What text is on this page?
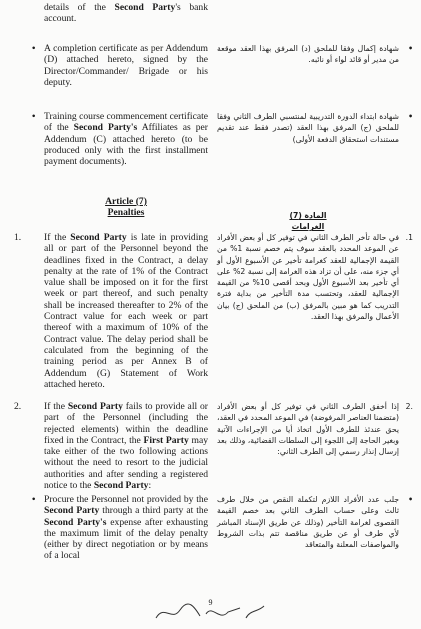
details of the Second Party's bank account.
• A completion certificate as per Addendum (D) attached hereto, signed by the Director/Commander/ Brigade or his deputy.
• Training course commencement certificate of the Second Party's Affiliates as per Addendum (C) attached hereto (to be produced only with the first installment payment documents).
Article (7)
Penalties
1. If the Second Party is late in providing all or part of the Personnel beyond the deadlines fixed in the Contract, a delay penalty at the rate of 1% of the Contract value shall be imposed on it for the first week or part thereof, and such penalty shall be increased thereafter to 2% of the Contract value for each week or part thereof with a maximum of 10% of the Contract value. The delay period shall be calculated from the beginning of the training period as per Annex B of Addendum (G) Statement of Work attached hereto.
2. If the Second Party fails to provide all or part of the Personnel (including the rejected elements) within the deadline fixed in the Contract, the First Party may take either of the two following actions without the need to resort to the judicial authorities and after sending a registered notice to the Second Party:
• Procure the Personnel not provided by the Second Party through a third party at the Second Party's expense after exhausting the maximum limit of the delay penalty (either by direct negotiation or by means of a local
•
شهادة إكمال وفقا للملحق (د) المرفق بهذا العقد موقعة من مدير أو قائد لواء أو نائبه.
•
شهادة ابتداء الدورة التدريبية لمنتسبي الطرف الثاني وفقا للملحق (ج) المرفق بهذا العقد (تصدر فقط عند تقديم مستندات استحقاق الدفعة الأولى)
المادة (7)
الغرامات
1.
في حالة تأخر الطرف الثاني في توفير كل أو بعض الأفراد عن الموعد المحدد بالعقد سوف يتم خصم نسبة 1% من القيمة الإجمالية للعقد كغرامة تأخير عن الأسبوع الأول أو أي جزء منه، على أن تزاد هذه الغرامة إلى نسبة 2% على أي تأخير بعد الأسبوع الأول وبحد أقصى 10% من القيمة الإجمالية للعقد، وتحتسب مدة التأخير من بداية فترة التدريب كما هو مبين بالمرفق (ب) من الملحق (ج) بيان الأعمال والمرفق بهذا العقد.
.2
إذا أخفق الطرف الثاني في توفير كل أو بعض الأفراد (متضمنا العناصر المرفوضة) في الموعد المحدد في العقد، يحق عندئذ للطرف الأول اتخاذ أيا من الإجراءات الآتية وبغير الحاجة إلى اللجوء إلى السلطات القضائية، وذلك بعد إرسال إنذار رسمي إلى الطرف الثاني:
•
جلب عدد الأفراد اللازم لتكملة النقص من خلال طرف ثالث وعلى حساب الطرف الثاني بعد خصم القيمة القصوى لغرامة التأخير (وذلك عن طريق الإسناد المباشر لأي طرف أو عن طريق مناقصة تتم بذات الشروط والمواصفات المعلنة والمتعاقد
9
